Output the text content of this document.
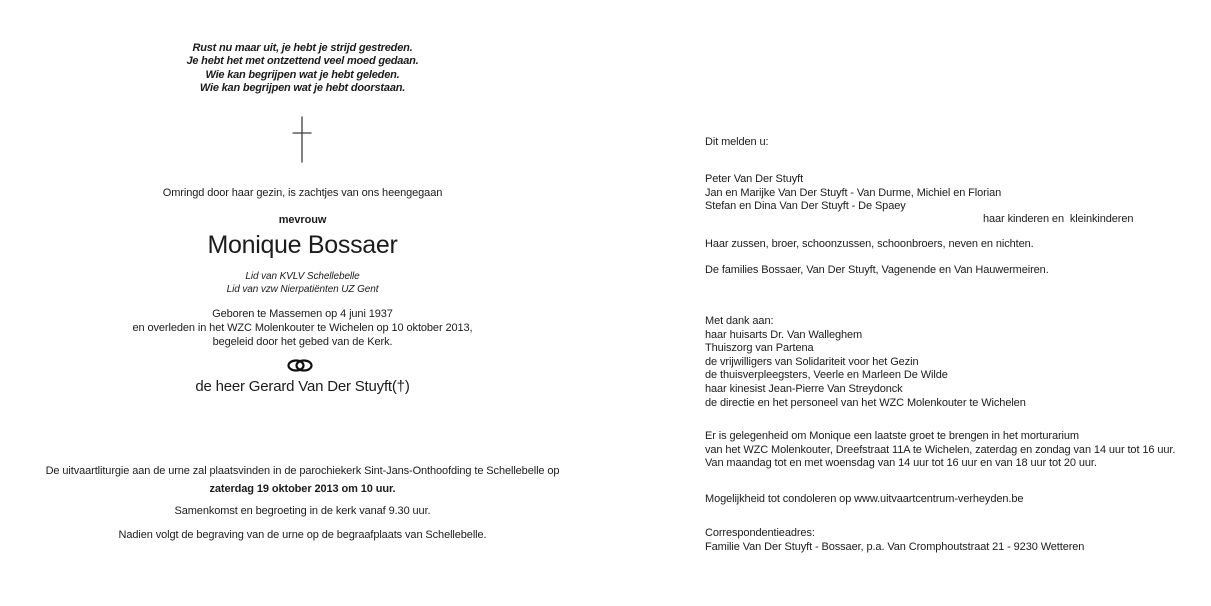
Rust nu maar uit, je hebt je strijd gestreden.
Je hebt het met ontzettend veel moed gedaan.
Wie kan begrijpen wat je hebt geleden.
Wie kan begrijpen wat je hebt doorstaan.
Omringd door haar gezin, is zachtjes van ons heengegaan
mevrouw
Monique Bossaer
Lid van KVLV Schellebelle
Lid van vzw Nierpatiënten UZ Gent
Geboren te Massemen op 4 juni 1937
en overleden in het WZC Molenkouter te Wichelen op 10 oktober 2013,
begeleid door het gebed van de Kerk.
de heer Gerard Van Der Stuyft(†)
De uitvaartliturgie aan de urne zal plaatsvinden in de parochiekerk Sint-Jans-Onthoofding te Schellebelle op
zaterdag 19 oktober 2013 om 10 uur.
Samenkomst en begroeting in de kerk vanaf 9.30 uur.
Nadien volgt de begraving van de urne op de begraafplaats van Schellebelle.
Dit melden u:
Peter Van Der Stuyft
Jan en Marijke Van Der Stuyft - Van Durme, Michiel en Florian
Stefan en Dina Van Der Stuyft - De Spaey
haar kinderen en  kleinkinderen
Haar zussen, broer, schoonzussen, schoonbroers, neven en nichten.
De families Bossaer, Van Der Stuyft, Vagenende en Van Hauwermeiren.
Met dank aan:
haar huisarts Dr. Van Walleghem
Thuiszorg van Partena
de vrijwilligers van Solidariteit voor het Gezin
de thuisverpleegsters, Veerle en Marleen De Wilde
haar kinesist Jean-Pierre Van Streydonck
de directie en het personeel van het WZC Molenkouter te Wichelen
Er is gelegenheid om Monique een laatste groet te brengen in het morturarium
van het WZC Molenkouter, Dreefstraat 11A te Wichelen, zaterdag en zondag van 14 uur tot 16 uur.
Van maandag tot en met woensdag van 14 uur tot 16 uur en van 18 uur tot 20 uur.
Mogelijkheid tot condoleren op www.uitvaartcentrum-verheyden.be
Correspondentieadres:
Familie Van Der Stuyft - Bossaer, p.a. Van Cromphoutstraat 21 - 9230 Wetteren
